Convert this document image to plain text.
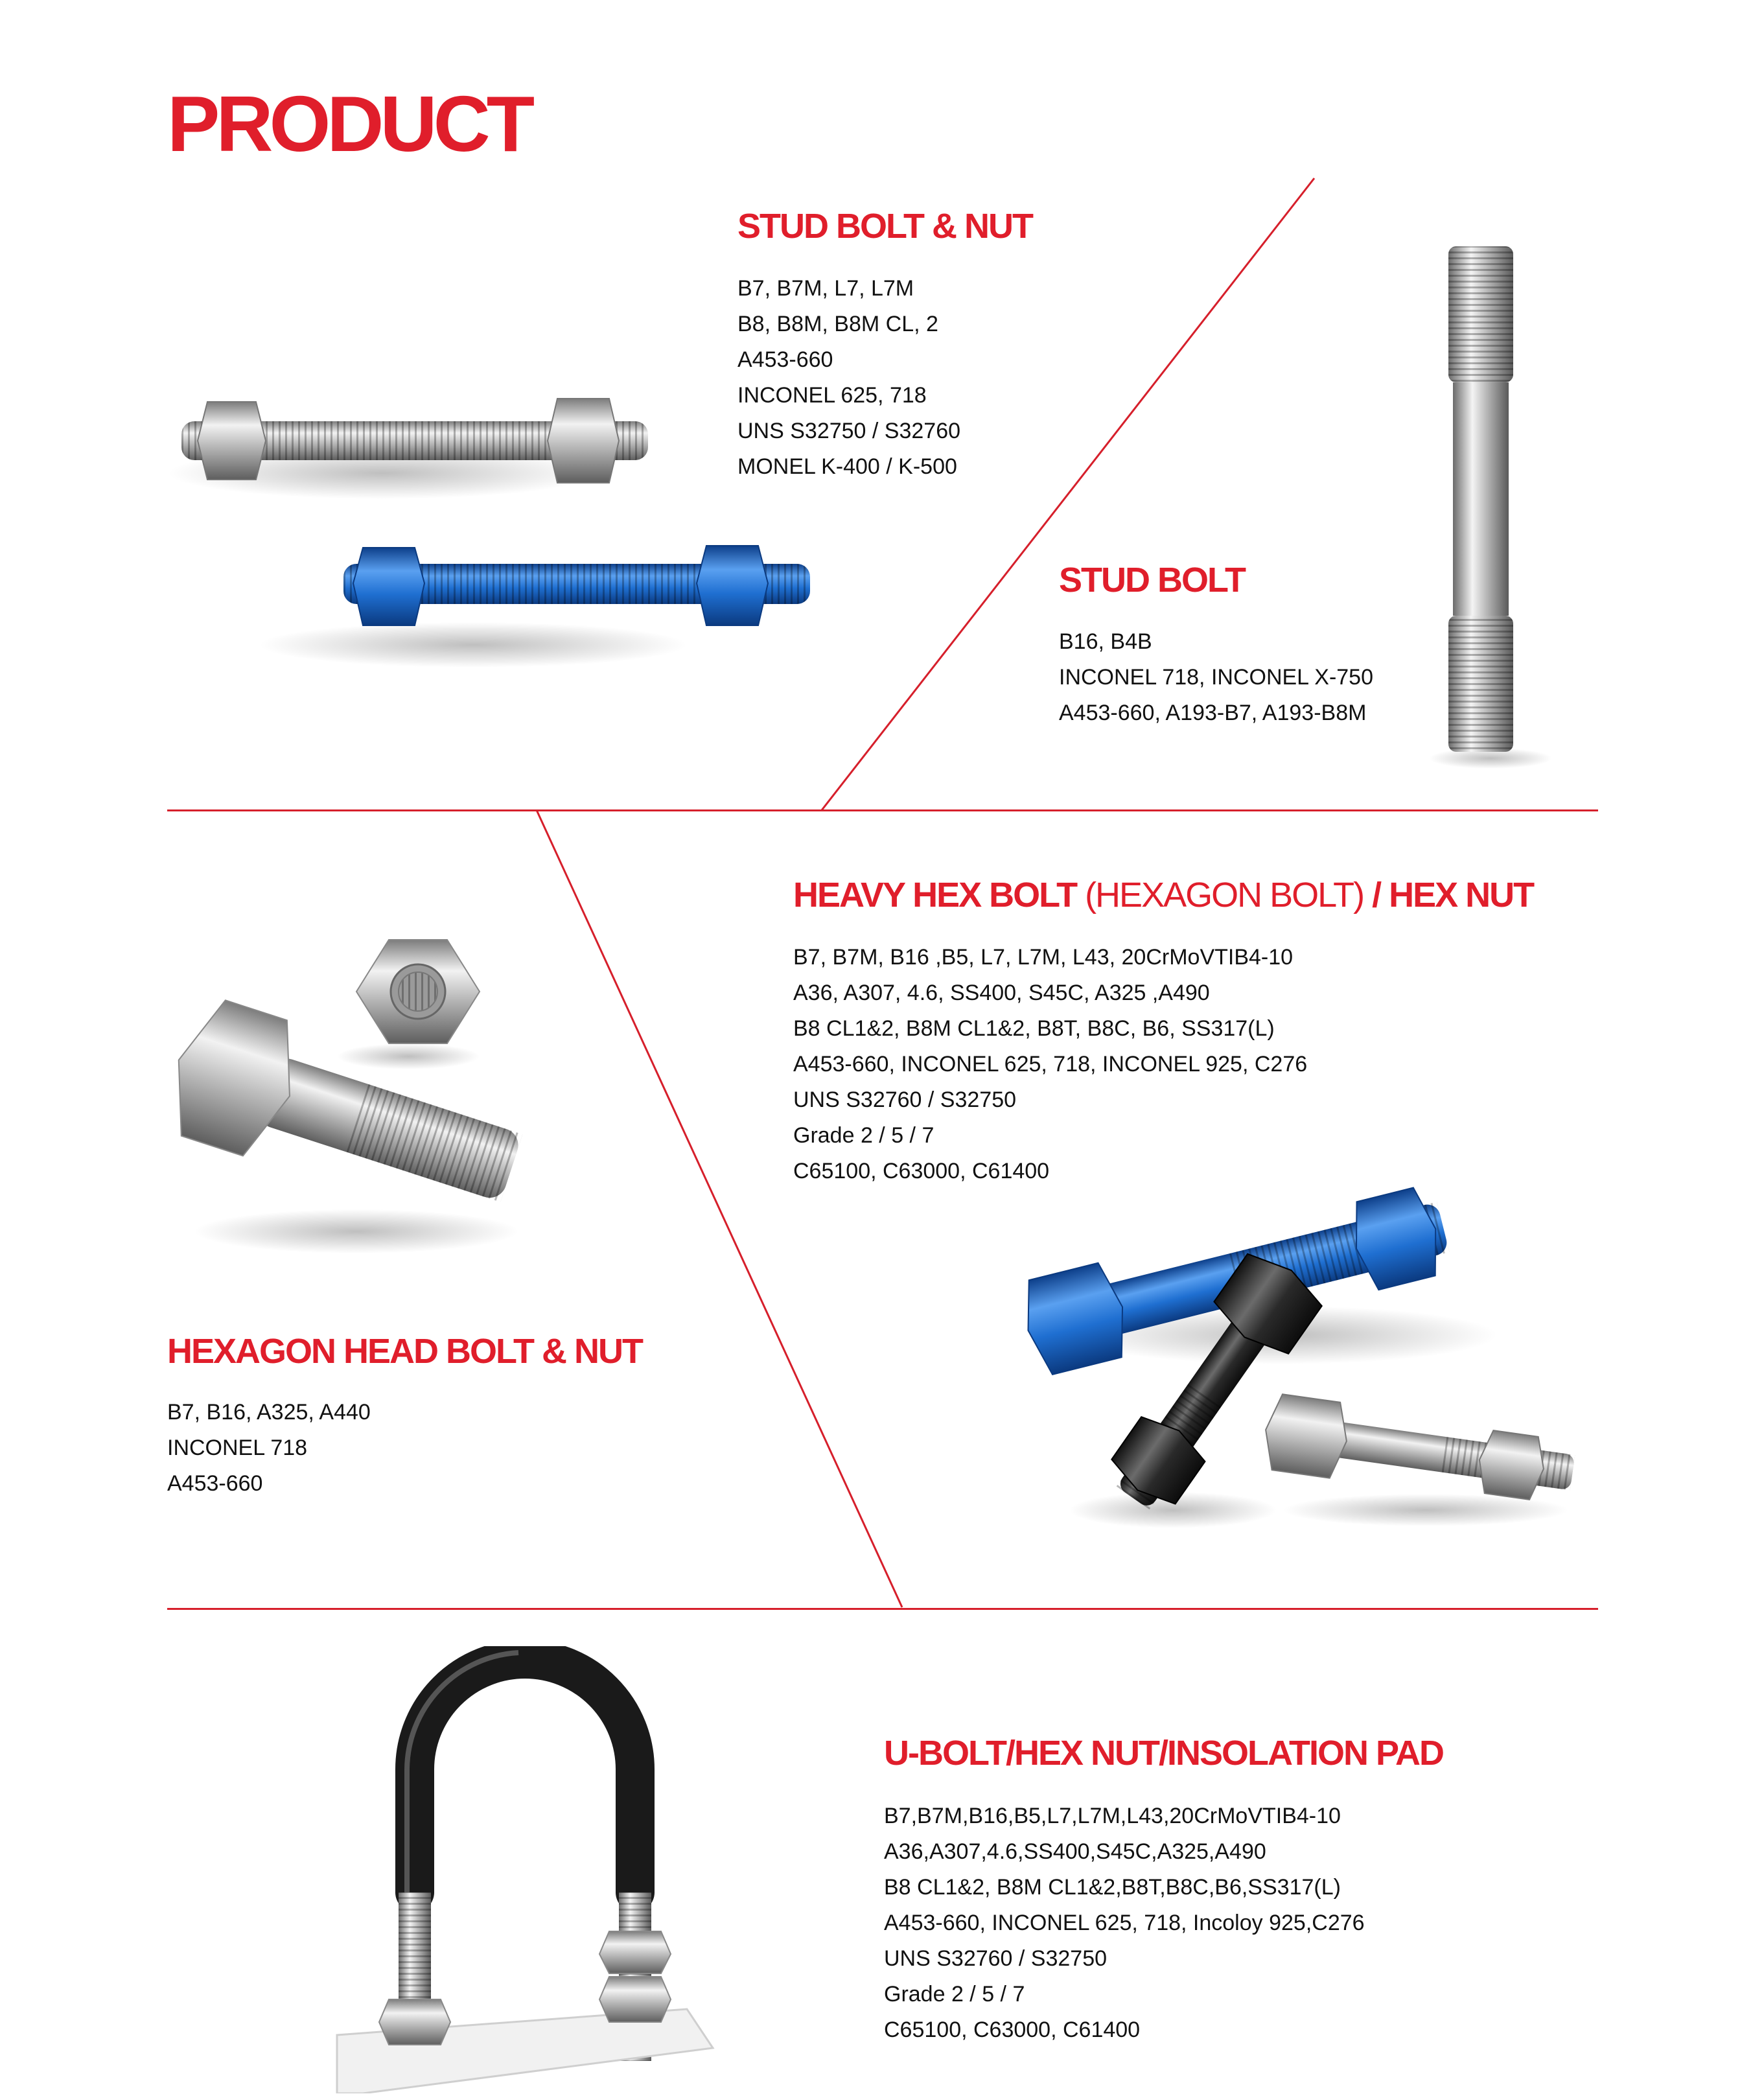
PRODUCT
STUD BOLT & NUT
B7, B7M, L7, L7M
B8, B8M, B8M CL, 2
A453-660
INCONEL 625, 718
UNS S32750 / S32760
MONEL K-400 / K-500
STUD BOLT
B16, B4B
INCONEL 718, INCONEL X-750
A453-660, A193-B7, A193-B8M
HEAVY HEX BOLT (HEXAGON BOLT) / HEX NUT
B7, B7M, B16 ,B5, L7, L7M, L43, 20CrMoVTIB4-10
A36, A307, 4.6, SS400, S45C, A325 ,A490
B8 CL1&2, B8M CL1&2, B8T, B8C, B6, SS317(L)
A453-660, INCONEL 625, 718, INCONEL 925, C276
UNS S32760 / S32750
Grade 2 / 5 / 7
C65100, C63000, C61400
HEXAGON HEAD BOLT & NUT
B7, B16, A325, A440
INCONEL 718
A453-660
U-BOLT/HEX NUT/INSOLATION PAD
B7,B7M,B16,B5,L7,L7M,L43,20CrMoVTIB4-10
A36,A307,4.6,SS400,S45C,A325,A490
B8 CL1&2, B8M CL1&2,B8T,B8C,B6,SS317(L)
A453-660, INCONEL 625, 718, Incoloy 925,C276
UNS S32760 / S32750
Grade 2 / 5 / 7
C65100, C63000, C61400
